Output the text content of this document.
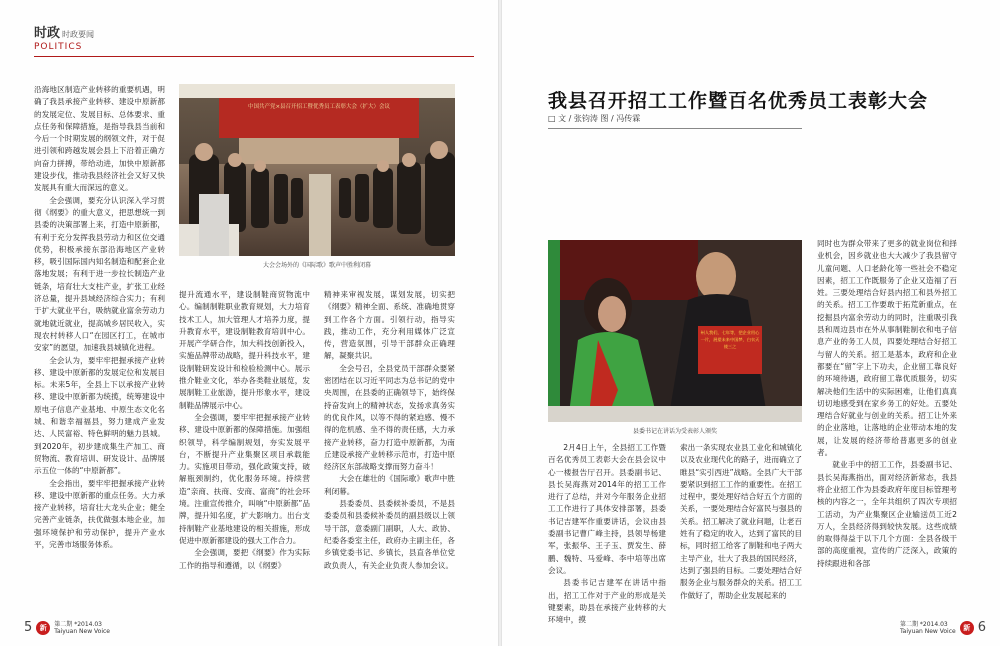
时政 时政要闻
POLITICS
中国共产党×县召开招工暨优秀员工表彰大会（扩大）会议
大会会场外的《国际歌》歌声中胜利闭幕

沿海地区制造产业转移的重要机遇，明确了我县承接产业转移、建设中原新都的发展定位、发展目标、总体要求、重点任务和保障措施，是指导我县当前和今后一个时期发展的纲领文件，对于促进引领和跨越发展会县上下沿着正确方向奋力拼搏，带给动进，加快中原新都建设步伐，推动我县经济社会又好又快发展具有重大而深远的意义。

全会强调，要充分认识深入学习贯彻《纲要》的重大意义，把思想统一到县委的决策部署上来，打造中原新都，有利于充分发挥我县劳动力和区位交通优势，积极承接东部沿海地区产业转移，吸引国际国内知名制造和配套企业落地发展；有利于进一步拉长制造产业链条，培育壮大支柱产业，扩张工业经济总量，提升县域经济综合实力；有利于扩大就业平台，吸纳就业富余劳动力就地就近就业，提高城乡居民收入，实现农村转移人口“在园区打工，在城市安家”的愿望，加速我县城镇化进程。

全会认为，要牢牢把握承接产业转移、建设中原新都的发展定位和发展目标。未来5年，全县上下以承接产业转移、建设中原新都为统揽，统筹建设中原电子信息产业基地、中原生态文化名城、和谐幸福福县，努力建成产业发达、人民富裕、特色鲜明的魅力县城。到2020年，初步建成集生产加工、商贸物流、教育培训、研发设计、品牌展示五位一体的“中原新都”。

全会指出，要牢牢把握承接产业转移、建设中原新都的重点任务。大力承接产业转移，培育壮大龙头企业；健全完善产业链条，扶优做强本地企业，加强环境保护和劳动保护，提升产业水平，完善市场服务体系。

提升流通水平，建设制鞋商贸物流中心。编制制鞋职业教育规划，大力培育技术工人，加大管理人才培养力度，提升教育水平，建设制鞋教育培训中心。开展产学研合作，加大科技创新投入，实施品牌带动战略，提升科技水平，建设制鞋研发设计和检验检测中心。展示推介鞋业文化，举办各类鞋业展览，发展制鞋工业旅游，提升形象水平，建设制鞋品牌展示中心。

全会强调，要牢牢把握承接产业转移、建设中原新都的保障措施。加强组织领导，科学编制规划，夯实发展平台，不断提升产业集聚区项目承载能力。实施项目带动，强化政策支持，破解瓶颈制约，优化服务环境。持续营造“亲商、扶商、安商、富商”的社会环境。注重宣传推介，叫响“中原新都”品牌，提升知名度，扩大影响力。出台支持制鞋产业基地建设的相关措施，形成促进中原新都建设的强大工作合力。

全会强调，要把《纲要》作为实际工作的指导和遵循，以《纲要》

精神来审视发展，谋划发展，切实把《纲要》精神全面、系统、准确地贯穿到工作各个方面。引领行动，指导实践，推动工作，充分利用媒体广泛宣传，营造氛围，引导干部群众正确理解，凝聚共识。

全会号召，全县党员干部群众要紧密团结在以习近平同志为总书记的党中央周围，在县委的正确领导下，始终保持奋发向上的精神状态，发扬求真务实的优良作风，以等不得的紧迫感、慢不得的危机感、坐不得的责任感，大力承接产业转移，奋力打造中原新都，为南丘建设承接产业转移示范市，打造中原经济区东部战略支撑而努力奋斗！

大会在雄壮的《国际歌》歌声中胜利闭幕。

县委委员、县委候补委员，不是县委委员和县委候补委员的副县级以上领导干部，意委副门副职，人大、政协、纪委各委室主任，政府办主副主任，各乡镇党委书记、乡镇长，县直各单位党政负责人，有关企业负责人参加会议。

5	新	第二期 *2014.03
Taiyuan New Voice
我县召开招工工作暨百名优秀员工表彰大会
□ 文 / 张钧涛 图 / 冯传霖
州人我们，七年等，把企业用心一片，展望未来中国梦，白衣天使三之
县委书记在讲话为受表彰人颁奖

2月4日上午，全县招工工作暨百名优秀员工表彰大会在县会议中心一楼报告厅召开。县委副书记、县长吴海燕对2014年的招工工作进行了总结，并对今年服务企业招工工作进行了具体安排部署，县委书记吉建军作重要讲话，会议由县委副书记曹广峰主持，县领导杨建军，张振华、王子玉、贾发生、薛鹏、魏特、马爱峰、李中培等出席会议。

县委书记吉建军在讲话中指出，招工工作对于产业的形成是关键要素，助县在承接产业转移的大环境中，摸

索出一条实现农业县工业化和城镇化以及农业现代化的路子，进而确立了睢县“实引西进”战略。全县广大干部要紧识到招工工作的重要性。在招工过程中，要处理好结合好五个方面的关系，一要处理结合好富民与强县的关系。招工解决了就业问题，让老百姓有了稳定的收入，达到了富民的目标，同时招工给客了制鞋和电子两大主导产业，壮大了我县的国民经济，达到了强县的目标。二要处理结合好服务企业与服务群众的关系。招工工作做好了，帮助企业发展起来的

同时也为群众带来了更多的就业岗位和择业机会，因乡就业也大大减少了我县留守儿童问题、人口老龄化等一些社会不稳定因素，招工工作既服务了企业又造福了百姓。三要处理结合好县内招工和县外招工的关系。招工工作要敢于拓荒新重点，在挖掘县内富余劳动力的同时，注重吸引我县和周边县市在外从事制鞋制衣和电子信息产业的务工人员，四要处理结合好招工与留人的关系。招工是基本，政府和企业都要在“留”字上下功夫，企业留工靠良好的环境待遇，政府留工靠优质服务，切实解决他们生活中的实际困难，让他们真真切切地感受到在家乡务工的好处。五要处理结合好就业与创业的关系。招工让外来的企业落地，让落地的企业带动本地的发展，让发展的经济带给普惠更多的创业者。

就业手中的招工工作，县委副书记、县长吴海燕指出，面对经济新常态，我县将企业招工作为县委政府年度目标管理考核的内容之一，全年共组织了四次专项招工活动，为产业集聚区企业输送员工近2万人，全县经济得到较快发展。这些成绩的取得得益于以下几个方面：全县各级干部的高度重视，宣传的广泛深入，政策的持续跟进和各部

第二期 *2014.03
Taiyuan New Voice	新 6
